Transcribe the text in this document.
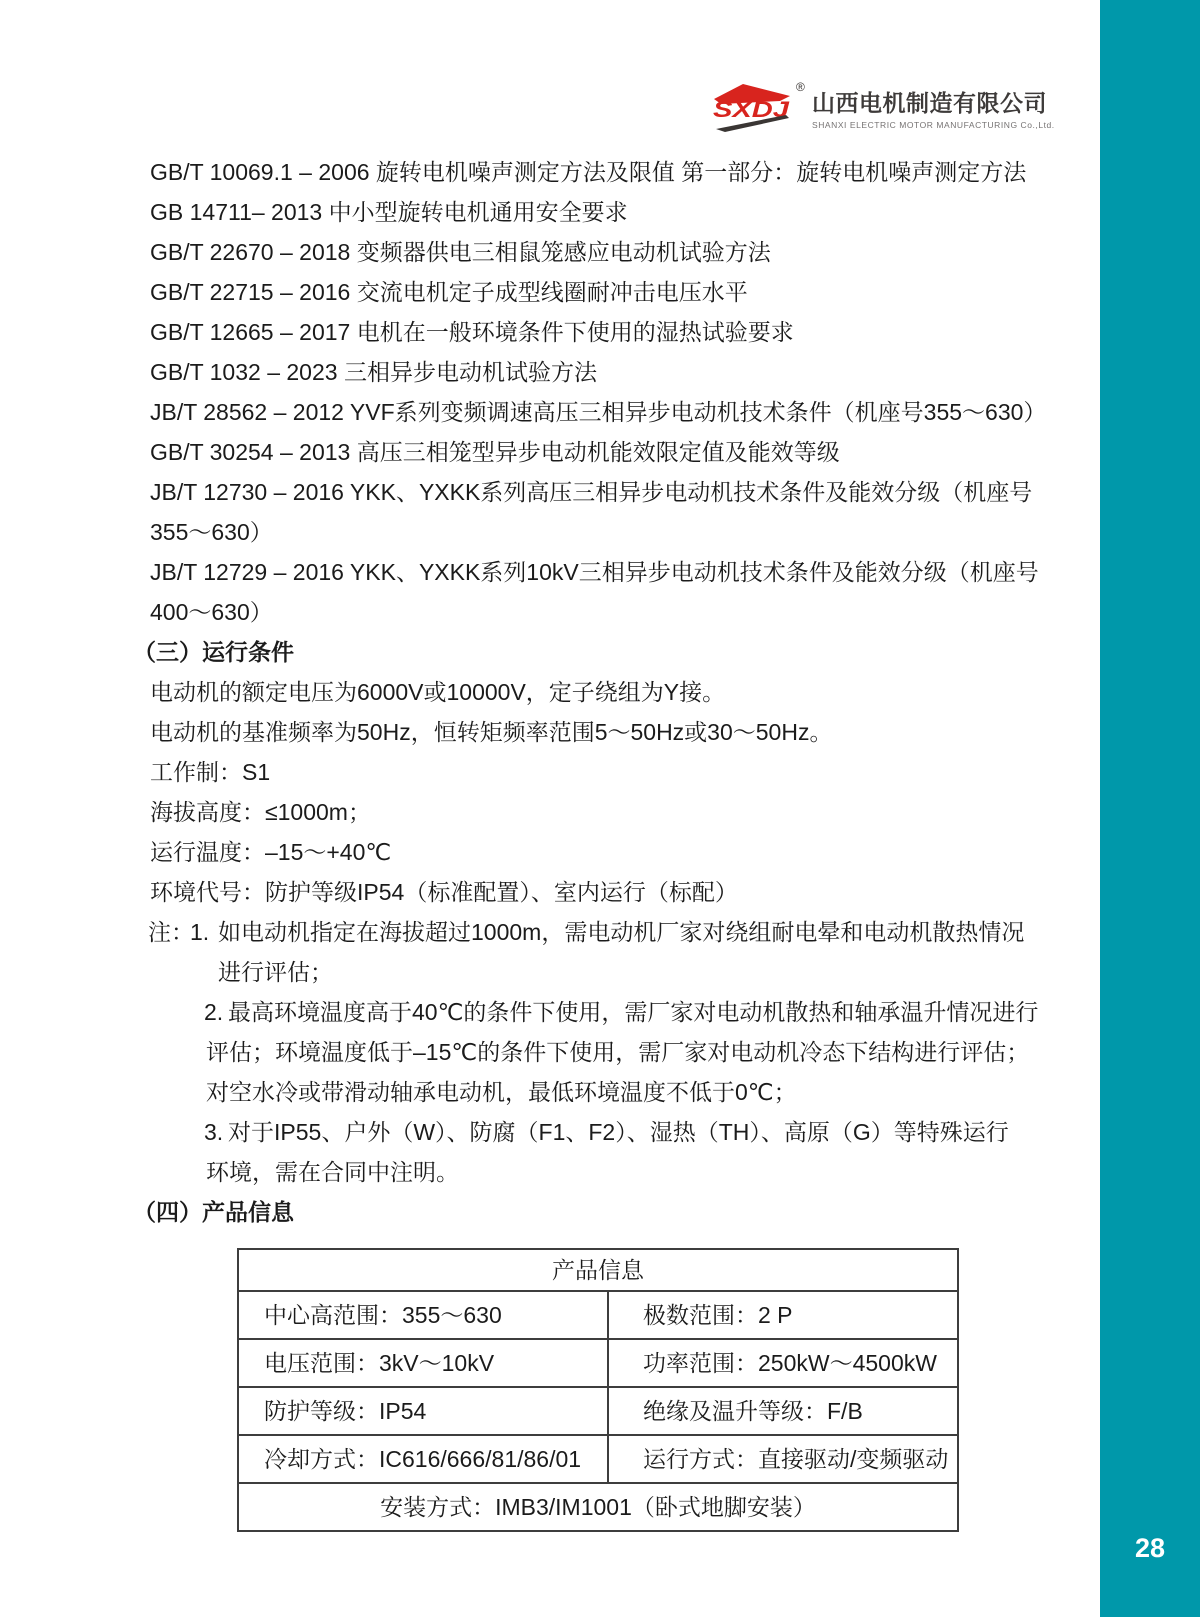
28
SXDJ
®
山西电机制造有限公司
SHANXI ELECTRIC MOTOR MANUFACTURING Co.,Ltd.
GB/T 10069.1 – 2006 旋转电机噪声测定方法及限值 第一部分：旋转电机噪声测定方法
GB 14711– 2013 中小型旋转电机通用安全要求
GB/T 22670 – 2018 变频器供电三相鼠笼感应电动机试验方法
GB/T 22715 – 2016 交流电机定子成型线圈耐冲击电压水平
GB/T 12665 – 2017 电机在一般环境条件下使用的湿热试验要求
GB/T 1032 – 2023 三相异步电动机试验方法
JB/T 28562 – 2012 YVF系列变频调速高压三相异步电动机技术条件（机座号355～630）
GB/T 30254 – 2013 高压三相笼型异步电动机能效限定值及能效等级
JB/T 12730 – 2016 YKK、YXKK系列高压三相异步电动机技术条件及能效分级（机座号
355～630）
JB/T 12729 – 2016 YKK、YXKK系列10kV三相异步电动机技术条件及能效分级（机座号
400～630）
（三）运行条件
电动机的额定电压为6000V或10000V，定子绕组为Y接。
电动机的基准频率为50Hz，恒转矩频率范围5～50Hz或30～50Hz。
工作制：S1
海拔高度：≤1000m；
运行温度：–15～+40℃
环境代号：防护等级IP54（标准配置）、室内运行（标配）
注：
1. 如电动机指定在海拔超过1000m，需电动机厂家对绕组耐电晕和电动机散热情况
进行评估；
2. 最高环境温度高于40℃的条件下使用，需厂家对电动机散热和轴承温升情况进行
评估；环境温度低于–15℃的条件下使用，需厂家对电动机冷态下结构进行评估；
对空水冷或带滑动轴承电动机，最低环境温度不低于0℃；
3. 对于IP55、户外（W）、防腐（F1、F2）、湿热（TH）、高原（G）等特殊运行
环境，需在合同中注明。
（四）产品信息
产品信息
中心高范围：355～630	极数范围：2 P
电压范围：3kV～10kV	功率范围：250kW～4500kW
防护等级：IP54	绝缘及温升等级：F/B
冷却方式：IC616/666/81/86/01	运行方式：直接驱动/变频驱动
安装方式：IMB3/IM1001（卧式地脚安装）
